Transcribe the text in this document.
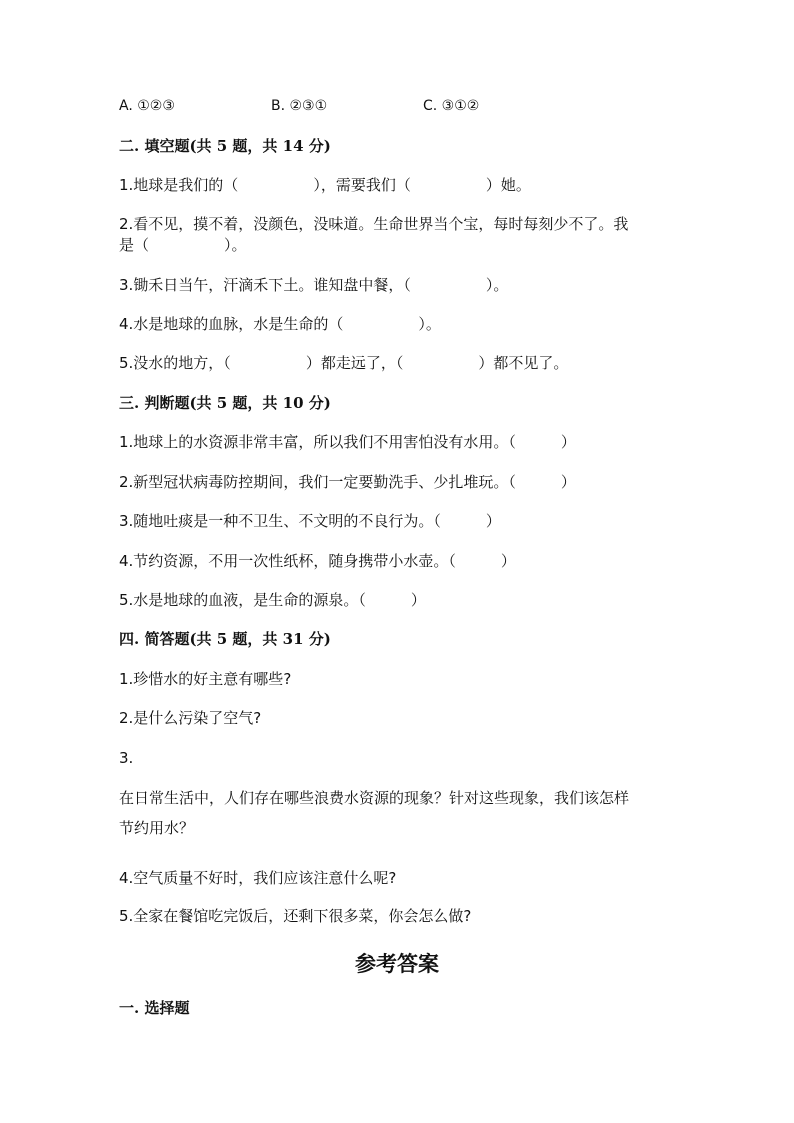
A. ①②③	B. ②③①	C. ③①②
二. 填空题(共 5 题，共 14 分)
1.地球是我们的（　　　　　），需要我们（　　　　　）她。
2.看不见，摸不着，没颜色，没味道。生命世界当个宝，每时每刻少不了。我
是（　　　　　）。
3.锄禾日当午，汗滴禾下土。谁知盘中餐，（　　　　　）。
4.水是地球的血脉，水是生命的（　　　　　）。
5.没水的地方，（　　　　　）都走远了，（　　　　　）都不见了。
三. 判断题(共 5 题，共 10 分)
1.地球上的水资源非常丰富，所以我们不用害怕没有水用。（　　　）
2.新型冠状病毒防控期间，我们一定要勤洗手、少扎堆玩。（　　　）
3.随地吐痰是一种不卫生、不文明的不良行为。（　　　）
4.节约资源，不用一次性纸杯，随身携带小水壶。（　　　）
5.水是地球的血液，是生命的源泉。（　　　）
四. 简答题(共 5 题，共 31 分)
1.珍惜水的好主意有哪些?
2.是什么污染了空气?
3.
在日常生活中，人们存在哪些浪费水资源的现象？针对这些现象，我们该怎样
节约用水？
4.空气质量不好时，我们应该注意什么呢?
5.全家在餐馆吃完饭后，还剩下很多菜，你会怎么做?
参考答案
一. 选择题
